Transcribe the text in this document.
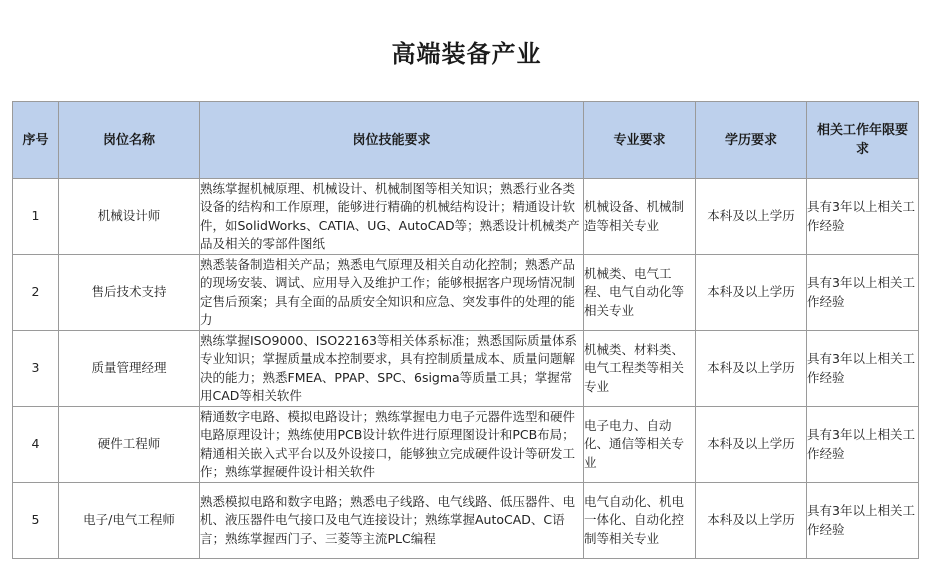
高端装备产业
序号	岗位名称	岗位技能要求	专业要求	学历要求	相关工作年限要求
1	机械设计师	熟练掌握机械原理、机械设计、机械制图等相关知识；熟悉行业各类设备的结构和工作原理，能够进行精确的机械结构设计；精通设计软件，如SolidWorks、CATIA、UG、AutoCAD等；熟悉设计机械类产品及相关的零部件图纸	机械设备、机械制造等相关专业	本科及以上学历	具有3年以上相关工作经验
2	售后技术支持	熟悉装备制造相关产品；熟悉电气原理及相关自动化控制；熟悉产品的现场安装、调试、应用导入及维护工作；能够根据客户现场情况制定售后预案；具有全面的品质安全知识和应急、突发事件的处理的能力	机械类、电气工程、电气自动化等相关专业	本科及以上学历	具有3年以上相关工作经验
3	质量管理经理	熟练掌握ISO9000、ISO22163等相关体系标准；熟悉国际质量体系专业知识；掌握质量成本控制要求，具有控制质量成本、质量问题解决的能力；熟悉FMEA、PPAP、SPC、6sigma等质量工具；掌握常用CAD等相关软件	机械类、材料类、电气工程类等相关专业	本科及以上学历	具有3年以上相关工作经验
4	硬件工程师	精通数字电路、模拟电路设计；熟练掌握电力电子元器件选型和硬件电路原理设计；熟练使用PCB设计软件进行原理图设计和PCB布局；精通相关嵌入式平台以及外设接口，能够独立完成硬件设计等研发工作；熟练掌握硬件设计相关软件	电子电力、自动化、通信等相关专业	本科及以上学历	具有3年以上相关工作经验
5	电子/电气工程师	熟悉模拟电路和数字电路；熟悉电子线路、电气线路、低压器件、电机、液压器件电气接口及电气连接设计；熟练掌握AutoCAD、C语言；熟练掌握西门子、三菱等主流PLC编程	电气自动化、机电一体化、自动化控制等相关专业	本科及以上学历	具有3年以上相关工作经验
